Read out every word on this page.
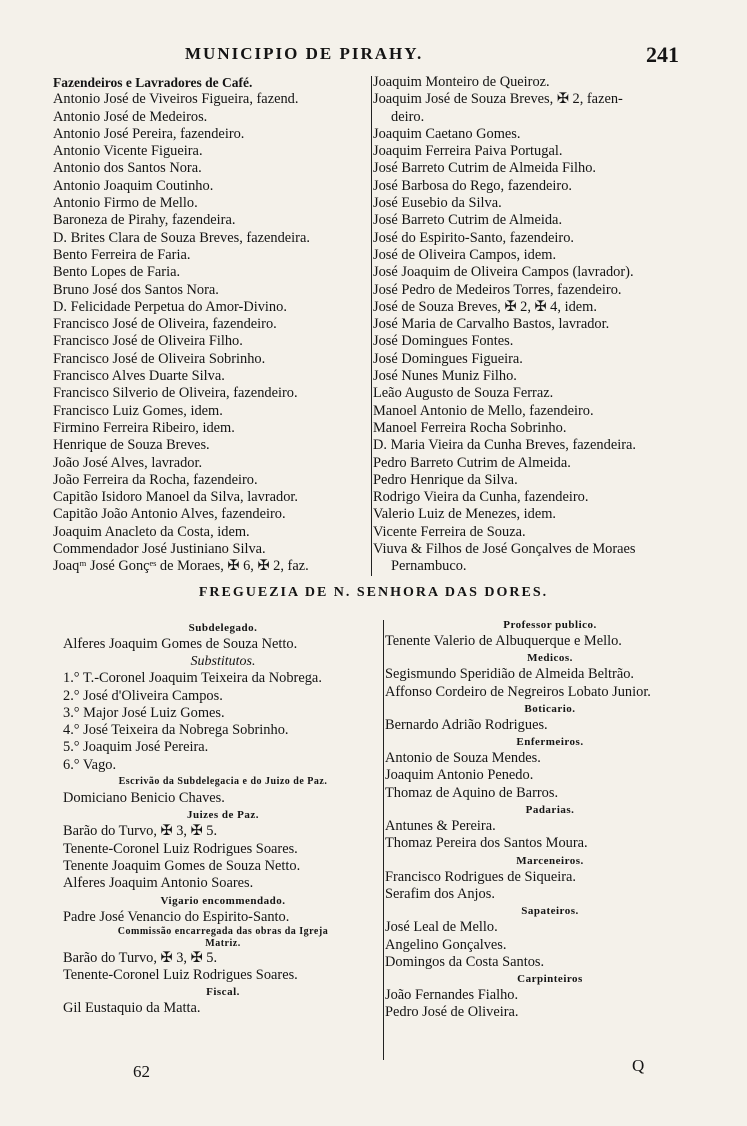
MUNICIPIO DE PIRAHY.	241
Fazendeiros e Lavradores de Café.
Antonio José de Viveiros Figueira, fazend.
Antonio José de Medeiros.
Antonio José Pereira, fazendeiro.
Antonio Vicente Figueira.
Antonio dos Santos Nora.
Antonio Joaquim Coutinho.
Antonio Firmo de Mello.
Baroneza de Pirahy, fazendeira.
D. Brites Clara de Souza Breves, fazendeira.
Bento Ferreira de Faria.
Bento Lopes de Faria.
Bruno José dos Santos Nora.
D. Felicidade Perpetua do Amor-Divino.
Francisco José de Oliveira, fazendeiro.
Francisco José de Oliveira Filho.
Francisco José de Oliveira Sobrinho.
Francisco Alves Duarte Silva.
Francisco Silverio de Oliveira, fazendeiro.
Francisco Luiz Gomes, idem.
Firmino Ferreira Ribeiro, idem.
Henrique de Souza Breves.
João José Alves, lavrador.
João Ferreira da Rocha, fazendeiro.
Capitão Isidoro Manoel da Silva, lavrador.
Capitão João Antonio Alves, fazendeiro.
Joaquim Anacleto da Costa, idem.
Commendador José Justiniano Silva.
Joaqᵐ José Gonçᵉˢ de Moraes, ✠ 6, ✠ 2, faz.
Joaquim Monteiro de Queiroz.
Joaquim José de Souza Breves, ✠ 2, fazen-
deiro.
Joaquim Caetano Gomes.
Joaquim Ferreira Paiva Portugal.
José Barreto Cutrim de Almeida Filho.
José Barbosa do Rego, fazendeiro.
José Eusebio da Silva.
José Barreto Cutrim de Almeida.
José do Espirito-Santo, fazendeiro.
José de Oliveira Campos, idem.
José Joaquim de Oliveira Campos (lavrador).
José Pedro de Medeiros Torres, fazendeiro.
José de Souza Breves, ✠ 2, ✠ 4, idem.
José Maria de Carvalho Bastos, lavrador.
José Domingues Fontes.
José Domingues Figueira.
José Nunes Muniz Filho.
Leão Augusto de Souza Ferraz.
Manoel Antonio de Mello, fazendeiro.
Manoel Ferreira Rocha Sobrinho.
D. Maria Vieira da Cunha Breves, fazendeira.
Pedro Barreto Cutrim de Almeida.
Pedro Henrique da Silva.
Rodrigo Vieira da Cunha, fazendeiro.
Valerio Luiz de Menezes, idem.
Vicente Ferreira de Souza.
Viuva & Filhos de José Gonçalves de Moraes
Pernambuco.
FREGUEZIA DE N. SENHORA DAS DORES.
Subdelegado.
Alferes Joaquim Gomes de Souza Netto.
Substitutos.
1.° T.-Coronel Joaquim Teixeira da Nobrega.
2.° José d'Oliveira Campos.
3.° Major José Luiz Gomes.
4.° José Teixeira da Nobrega Sobrinho.
5.° Joaquim José Pereira.
6.° Vago.
Escrivão da Subdelegacia e do Juizo de Paz.
Domiciano Benicio Chaves.
Juizes de Paz.
Barão do Turvo, ✠ 3, ✠ 5.
Tenente-Coronel Luiz Rodrigues Soares.
Tenente Joaquim Gomes de Souza Netto.
Alferes Joaquim Antonio Soares.
Vigario encommendado.
Padre José Venancio do Espirito-Santo.
Commissão encarregada das obras da Igreja
Matriz.
Barão do Turvo, ✠ 3, ✠ 5.
Tenente-Coronel Luiz Rodrigues Soares.
Fiscal.
Gil Eustaquio da Matta.
Professor publico.
Tenente Valerio de Albuquerque e Mello.
Medicos.
Segismundo Speridião de Almeida Beltrão.
Affonso Cordeiro de Negreiros Lobato Junior.
Boticario.
Bernardo Adrião Rodrigues.
Enfermeiros.
Antonio de Souza Mendes.
Joaquim Antonio Penedo.
Thomaz de Aquino de Barros.
Padarias.
Antunes & Pereira.
Thomaz Pereira dos Santos Moura.
Marceneiros.
Francisco Rodrigues de Siqueira.
Serafim dos Anjos.
Sapateiros.
José Leal de Mello.
Angelino Gonçalves.
Domingos da Costa Santos.
Carpinteiros
João Fernandes Fialho.
Pedro José de Oliveira.
62	Q
